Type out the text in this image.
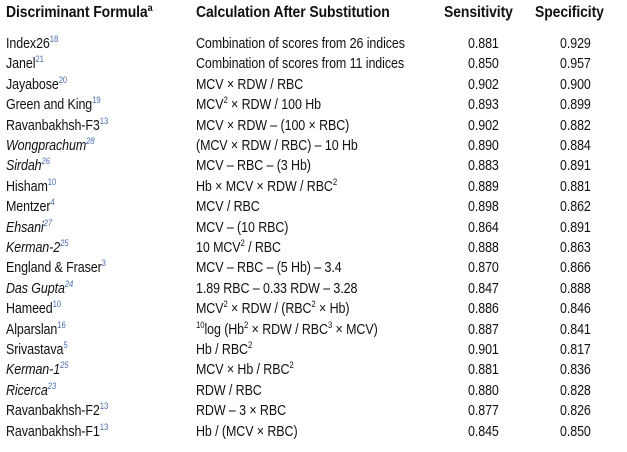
Discriminant Formula$^a$	Calculation After Substitution	Sensitivity Specificity
Index26$^{18}$	Combination of scores from 26 indices	0.881	0.929
Janel$^{21}$	Combination of scores from 11 indices	0.850	0.957
Jayabose$^{20}$	MCV × RDW / RBC	0.902	0.900
Green and King$^{19}$	$MCV^2$ × RDW / 100 Hb	0.893	0.899
Ravanbakhsh-F3$^{13}$	MCV × RDW – (100 × RBC)	0.902	0.882
Wongprachum$^{28}$	(MCV × RDW / RBC) – 10 Hb	0.890	0.884
Sirdah$^{26}$	MCV – RBC – (3 Hb)	0.883	0.891
Hisham$^{10}$	Hb × MCV × RDW / RBC$^2$	0.889	0.881
Mentzer$^4$	MCV / RBC	0.898	0.862
Ehsani$^{27}$	MCV – (10 RBC)	0.864	0.891
Kerman-2$^{25}$	10 MCV$^2$ / RBC	0.888	0.863
England & Fraser$^3$	MCV – RBC – (5 Hb) – 3.4	0.870	0.866
Das Gupta$^{24}$	1.89 RBC – 0.33 RDW – 3.28	0.847	0.888
Hameed$^{10}$	$MCV^2$ × RDW / $(RBC^2 \times Hb)$	0.886	0.846
Alparslan$^{16}$	$^{10}$log ($Hb^2$ × RDW / $RBC^3 \times MCV$)	0.887	0.841
Srivastava$^5$	Hb / RBC$^2$	0.901	0.817
Kerman-1$^{25}$	MCV × Hb / RBC$^2$	0.881	0.836
Ricerca$^{23}$	RDW / RBC	0.880	0.828
Ravanbakhsh-F2$^{13}$	RDW – 3 × RBC	0.877	0.826
Ravanbakhsh-F1$^{13}$	Hb / (MCV × RBC)	0.845	0.850
